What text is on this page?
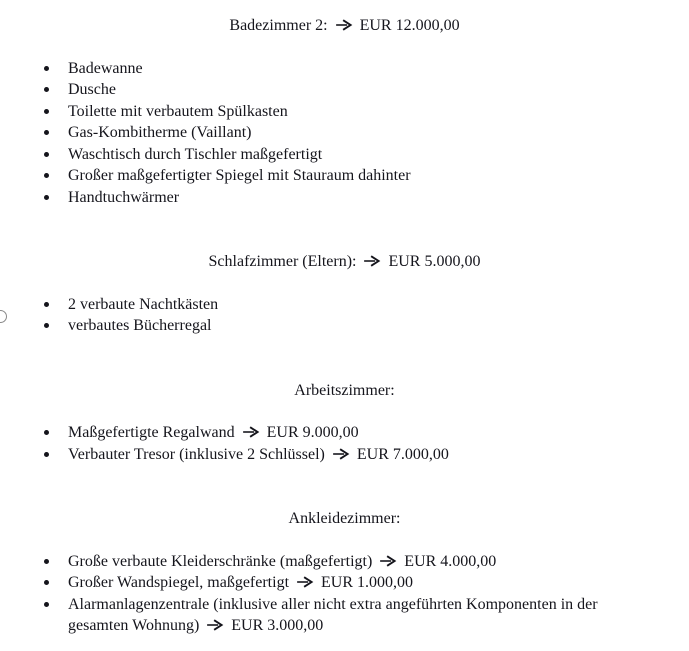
Badezimmer 2: EUR 12.000,00

Badewanne
Dusche
Toilette mit verbautem Spülkasten
Gas-Kombitherme (Vaillant)
Waschtisch durch Tischler maßgefertigt
Großer maßgefertigter Spiegel mit Stauraum dahinter
Handtuchwärmer

Schlafzimmer (Eltern): EUR 5.000,00

2 verbaute Nachtkästen
verbautes Bücherregal

Arbeitszimmer:

Maßgefertigte Regalwand EUR 9.000,00
Verbauter Tresor (inklusive 2 Schlüssel) EUR 7.000,00

Ankleidezimmer:

Große verbaute Kleiderschränke (maßgefertigt) EUR 4.000,00
Großer Wandspiegel, maßgefertigt EUR 1.000,00
Alarmanlagenzentrale (inklusive aller nicht extra angeführten Komponenten in der gesamten Wohnung) EUR 3.000,00
